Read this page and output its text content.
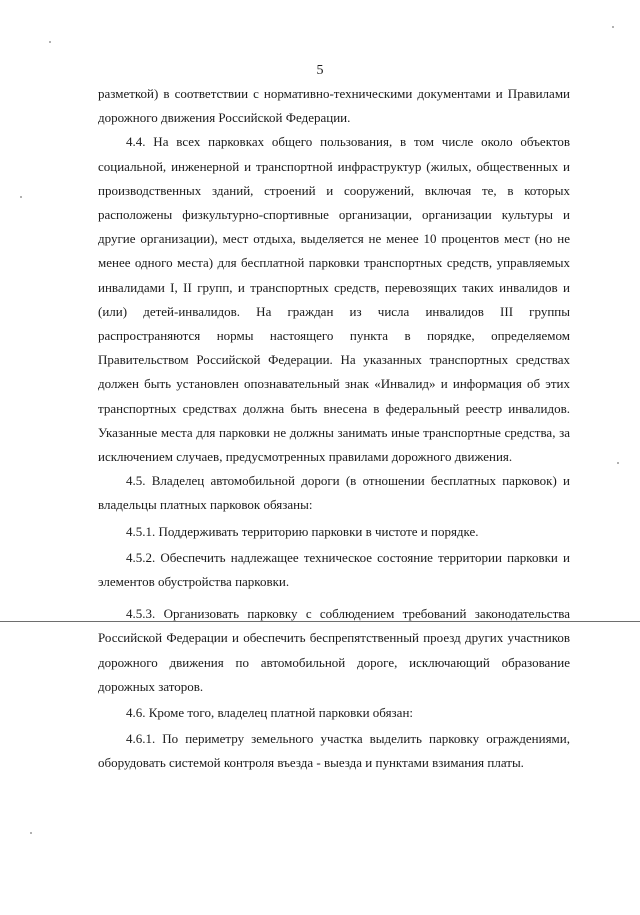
5

разметкой) в соответствии с нормативно-техническими документами и Правилами дорожного движения Российской Федерации.

4.4. На всех парковках общего пользования, в том числе около объектов социальной, инженерной и транспортной инфраструктур (жилых, общественных и производственных зданий, строений и сооружений, включая те, в которых расположены физкультурно-спортивные организации, организации культуры и другие организации), мест отдыха, выделяется не менее 10 процентов мест (но не менее одного места) для бесплатной парковки транспортных средств, управляемых инвалидами I, II групп, и транспортных средств, перевозящих таких инвалидов и (или) детей-инвалидов. На граждан из числа инвалидов III группы распространяются нормы настоящего пункта в порядке, определяемом Правительством Российской Федерации. На указанных транспортных средствах должен быть установлен опознавательный знак «Инвалид» и информация об этих транспортных средствах должна быть внесена в федеральный реестр инвалидов. Указанные места для парковки не должны занимать иные транспортные средства, за исключением случаев, предусмотренных правилами дорожного движения.

4.5. Владелец автомобильной дороги (в отношении бесплатных парковок) и владельцы платных парковок обязаны:

4.5.1. Поддерживать территорию парковки в чистоте и порядке.

4.5.2. Обеспечить надлежащее техническое состояние территории парковки и элементов обустройства парковки.

4.5.3. Организовать парковку с соблюдением требований законодательства Российской Федерации и обеспечить беспрепятственный проезд других участников дорожного движения по автомобильной дороге, исключающий образование дорожных заторов.

4.6. Кроме того, владелец платной парковки обязан:

4.6.1. По периметру земельного участка выделить парковку ограждениями, оборудовать системой контроля въезда - выезда и пунктами взимания платы.
